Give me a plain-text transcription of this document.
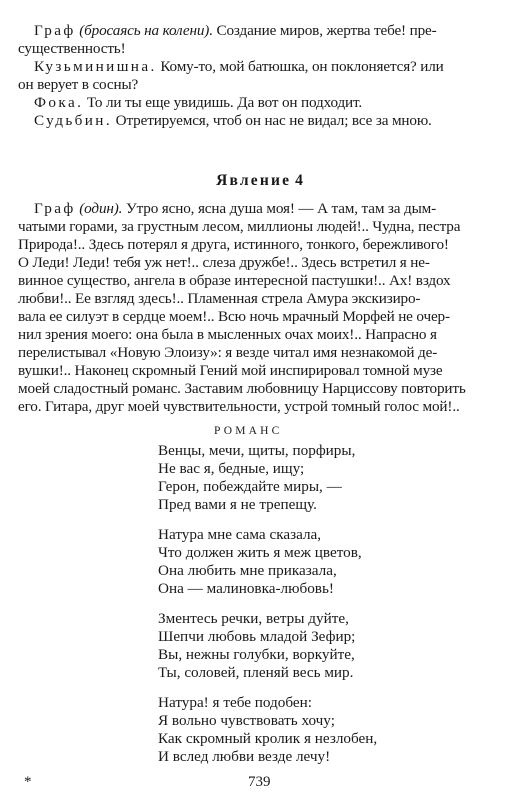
Граф (бросаясь на колени). Создание миров, жертва тебе! пре-
существенность!
Кузьминишна. Кому-то, мой батюшка, он поклоняется? или
он верует в сосны?
Фока. То ли ты еще увидишь. Да вот он подходит.
Судьбин. Отретируемся, чтоб он нас не видал; все за мною.
Явление 4
Граф (один). Утро ясно, ясна душа моя! — А там, там за дым-
чатыми горами, за грустным лесом, миллионы людей!.. Чудна, пестра
Природа!.. Здесь потерял я друга, истинного, тонкого, бережливого!
О Леди! Леди! тебя уж нет!.. слеза дружбе!.. Здесь встретил я не-
винное существо, ангела в образе интересной пастушки!.. Ах! вздох
любви!.. Ее взгляд здесь!.. Пламенная стрела Амура экскизиро-
вала ее силуэт в сердце моем!.. Всю ночь мрачный Морфей не очер-
нил зрения моего: она была в мысленных очах моих!.. Напрасно я
перелистывал «Новую Элоизу»: я везде читал имя незнакомой де-
вушки!.. Наконец скромный Гений мой инспирировал томной музе
моей сладостный романс. Заставим любовницу Нарциссову повторить
его. Гитара, друг моей чувствительности, устрой томный голос мой!..
РОМАНС
Венцы, мечи, щиты, порфиры,
Не вас я, бедные, ищу;
Герон, побеждайте миры, —
Пред вами я не трепещу.
Натура мне сама сказала,
Что должен жить я меж цветов,
Она любить мне приказала,
Она — малиновка-любовь!
Зментесь речки, ветры дуйте,
Шепчи любовь младой Зефир;
Вы, нежны голубки, воркуйте,
Ты, соловей, пленяй весь мир.
Натура! я тебе подобен:
Я вольно чувствовать хочу;
Как скромный кролик я незлобен,
И вслед любви везде лечу!
*	739
